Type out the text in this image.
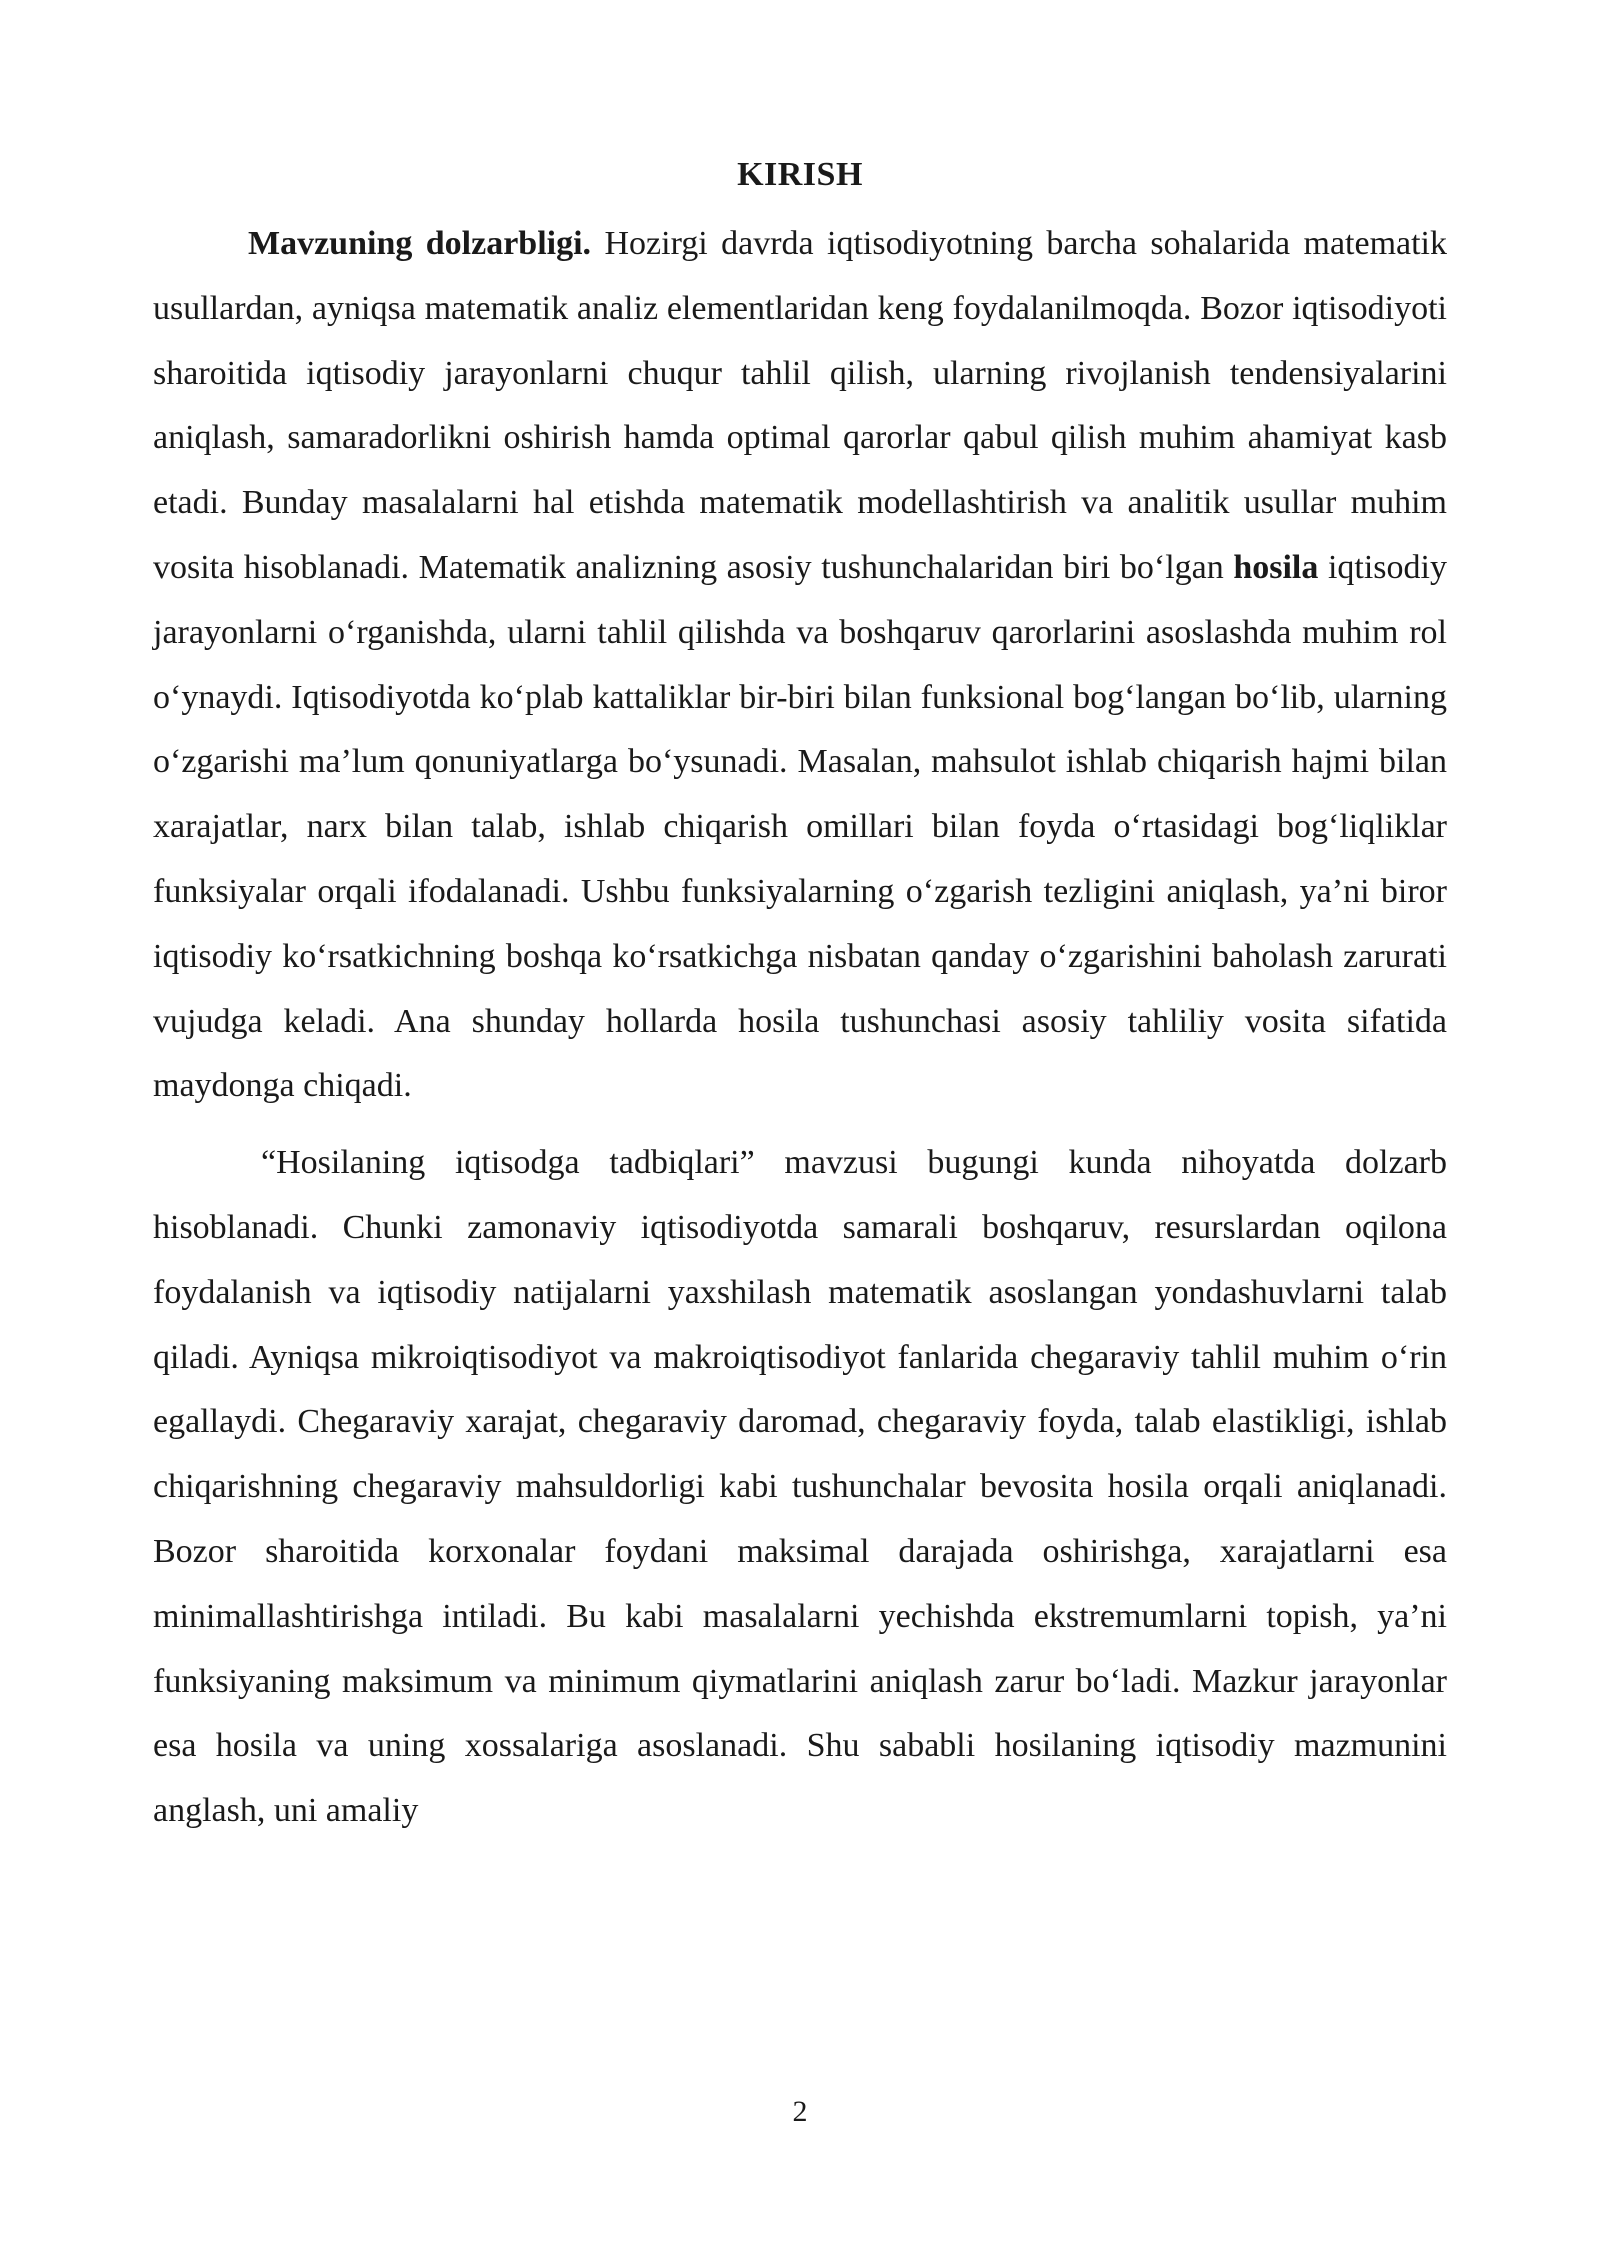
KIRISH

Mavzuning dolzarbligi. Hozirgi davrda iqtisodiyotning barcha sohalarida matematik usullardan, ayniqsa matematik analiz elementlaridan keng foydalanilmoqda. Bozor iqtisodiyoti sharoitida iqtisodiy jarayonlarni chuqur tahlil qilish, ularning rivojlanish tendensiyalarini aniqlash, samaradorlikni oshirish hamda optimal qarorlar qabul qilish muhim ahamiyat kasb etadi. Bunday masalalarni hal etishda matematik modellashtirish va analitik usullar muhim vosita hisoblanadi. Matematik analizning asosiy tushunchalaridan biri bo‘lgan hosila iqtisodiy jarayonlarni o‘rganishda, ularni tahlil qilishda va boshqaruv qarorlarini asoslashda muhim rol o‘ynaydi. Iqtisodiyotda ko‘plab kattaliklar bir-biri bilan funksional bog‘langan bo‘lib, ularning o‘zgarishi ma’lum qonuniyatlarga bo‘ysunadi. Masalan, mahsulot ishlab chiqarish hajmi bilan xarajatlar, narx bilan talab, ishlab chiqarish omillari bilan foyda o‘rtasidagi bog‘liqliklar funksiyalar orqali ifodalanadi. Ushbu funksiyalarning o‘zgarish tezligini aniqlash, ya’ni biror iqtisodiy ko‘rsatkichning boshqa ko‘rsatkichga nisbatan qanday o‘zgarishini baholash zarurati vujudga keladi. Ana shunday hollarda hosila tushunchasi asosiy tahliliy vosita sifatida maydonga chiqadi.

“Hosilaning iqtisodga tadbiqlari” mavzusi bugungi kunda nihoyatda dolzarb hisoblanadi. Chunki zamonaviy iqtisodiyotda samarali boshqaruv, resurslardan oqilona foydalanish va iqtisodiy natijalarni yaxshilash matematik asoslangan yondashuvlarni talab qiladi. Ayniqsa mikroiqtisodiyot va makroiqtisodiyot fanlarida chegaraviy tahlil muhim o‘rin egallaydi. Chegaraviy xarajat, chegaraviy daromad, chegaraviy foyda, talab elastikligi, ishlab chiqarishning chegaraviy mahsuldorligi kabi tushunchalar bevosita hosila orqali aniqlanadi. Bozor sharoitida korxonalar foydani maksimal darajada oshirishga, xarajatlarni esa minimallashtirishga intiladi. Bu kabi masalalarni yechishda ekstremumlarni topish, ya’ni funksiyaning maksimum va minimum qiymatlarini aniqlash zarur bo‘ladi. Mazkur jarayonlar esa hosila va uning xossalariga asoslanadi. Shu sababli hosilaning iqtisodiy mazmunini anglash, uni amaliy

2
